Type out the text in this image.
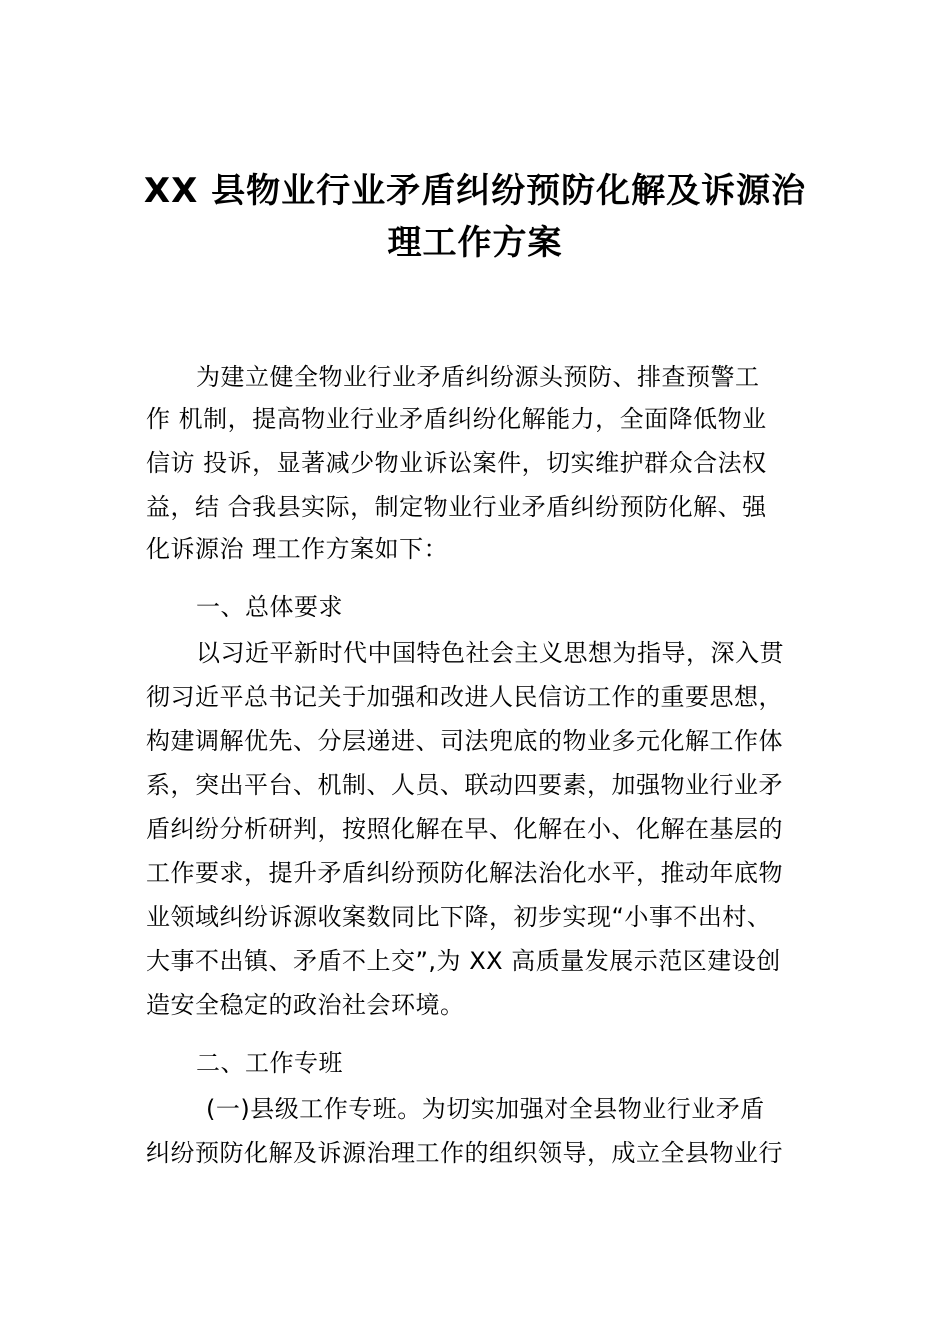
XX 县物业行业矛盾纠纷预防化解及诉源治
理工作方案

为建立健全物业行业矛盾纠纷源头预防、排查预警工

作 机制，提高物业行业矛盾纠纷化解能力，全面降低物业

信访 投诉，显著减少物业诉讼案件，切实维护群众合法权

益，结 合我县实际，制定物业行业矛盾纠纷预防化解、强

化诉源治 理工作方案如下：

一、总体要求

以习近平新时代中国特色社会主义思想为指导，深入贯

彻习近平总书记关于加强和改进人民信访工作的重要思想，

构建调解优先、分层递进、司法兜底的物业多元化解工作体

系，突出平台、机制、人员、联动四要素，加强物业行业矛

盾纠纷分析研判，按照化解在早、化解在小、化解在基层的

工作要求，提升矛盾纠纷预防化解法治化水平，推动年底物

业领域纠纷诉源收案数同比下降，初步实现“小事不出村、

大事不出镇、矛盾不上交”,为 XX 高质量发展示范区建设创

造安全稳定的政治社会环境。

二、工作专班

(一)县级工作专班。为切实加强对全县物业行业矛盾

纠纷预防化解及诉源治理工作的组织领导，成立全县物业行
